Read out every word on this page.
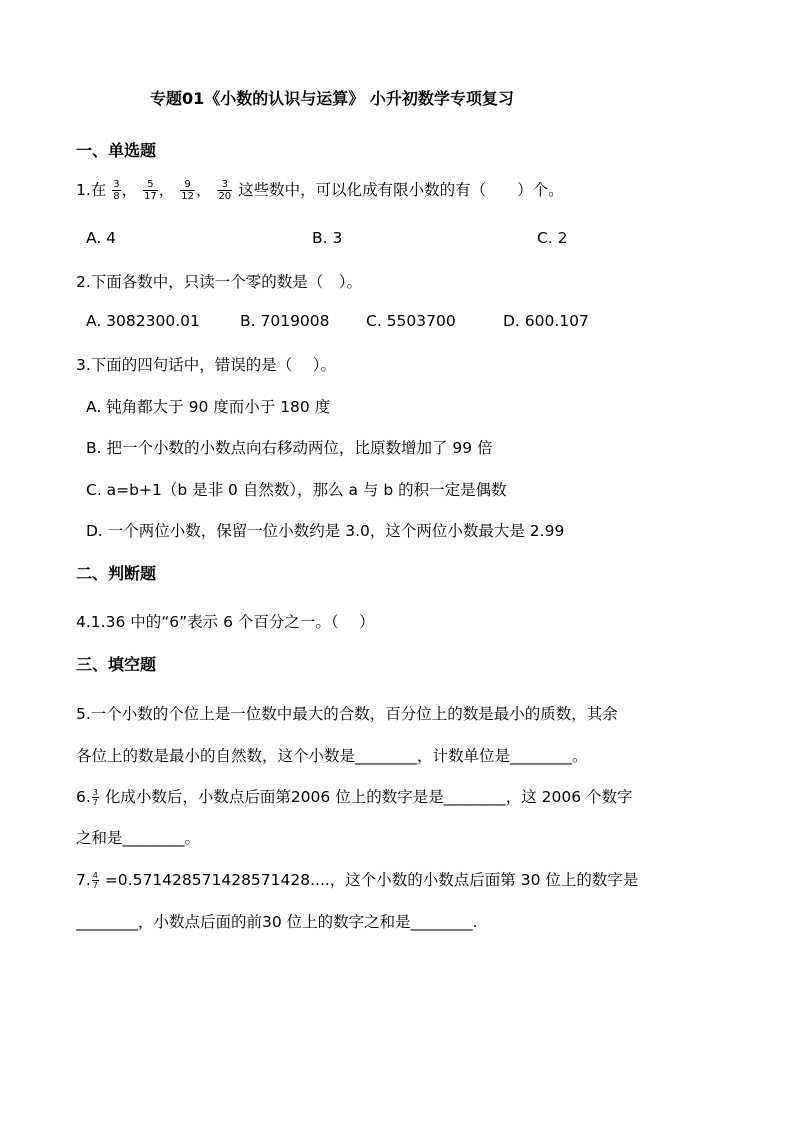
专题01《小数的认识与运算》 小升初数学专项复习
一、单选题
1.在 $\frac{3}{8}$ ， $\frac{5}{17}$ ， $\frac{9}{12}$ ， $\frac{3}{20}$ 这些数中，可以化成有限小数的有（　　）个。
A. 4	B. 3	C. 2
2.下面各数中，只读一个零的数是（　）。
A. 3082300.01	B. 7019008 C. 5503700	D. 600.107
3.下面的四句话中，错误的是（　 ）。
A. 钝角都大于 90 度而小于 180 度
B. 把一个小数的小数点向右移动两位，比原数增加了 99 倍
C. a=b+1（b 是非 0 自然数），那么 a 与 b 的积一定是偶数
D. 一个两位小数，保留一位小数约是 3.0，这个两位小数最大是 2.99
二、判断题
4.1.36 中的“6”表示 6 个百分之一。（　 ）
三、填空题
5.一个小数的个位上是一位数中最大的合数，百分位上的数是最小的质数，其余
各位上的数是最小的自然数，这个小数是________，计数单位是________。
6. $\frac{3}{7}$ 化成小数后，小数点后面第2006 位上的数字是是________，这 2006 个数字
之和是________。
7. $\frac{4}{7} =0.571428571428571428$....，这个小数的小数点后面第 30 位上的数字是
________，小数点后面的前30 位上的数字之和是________.
